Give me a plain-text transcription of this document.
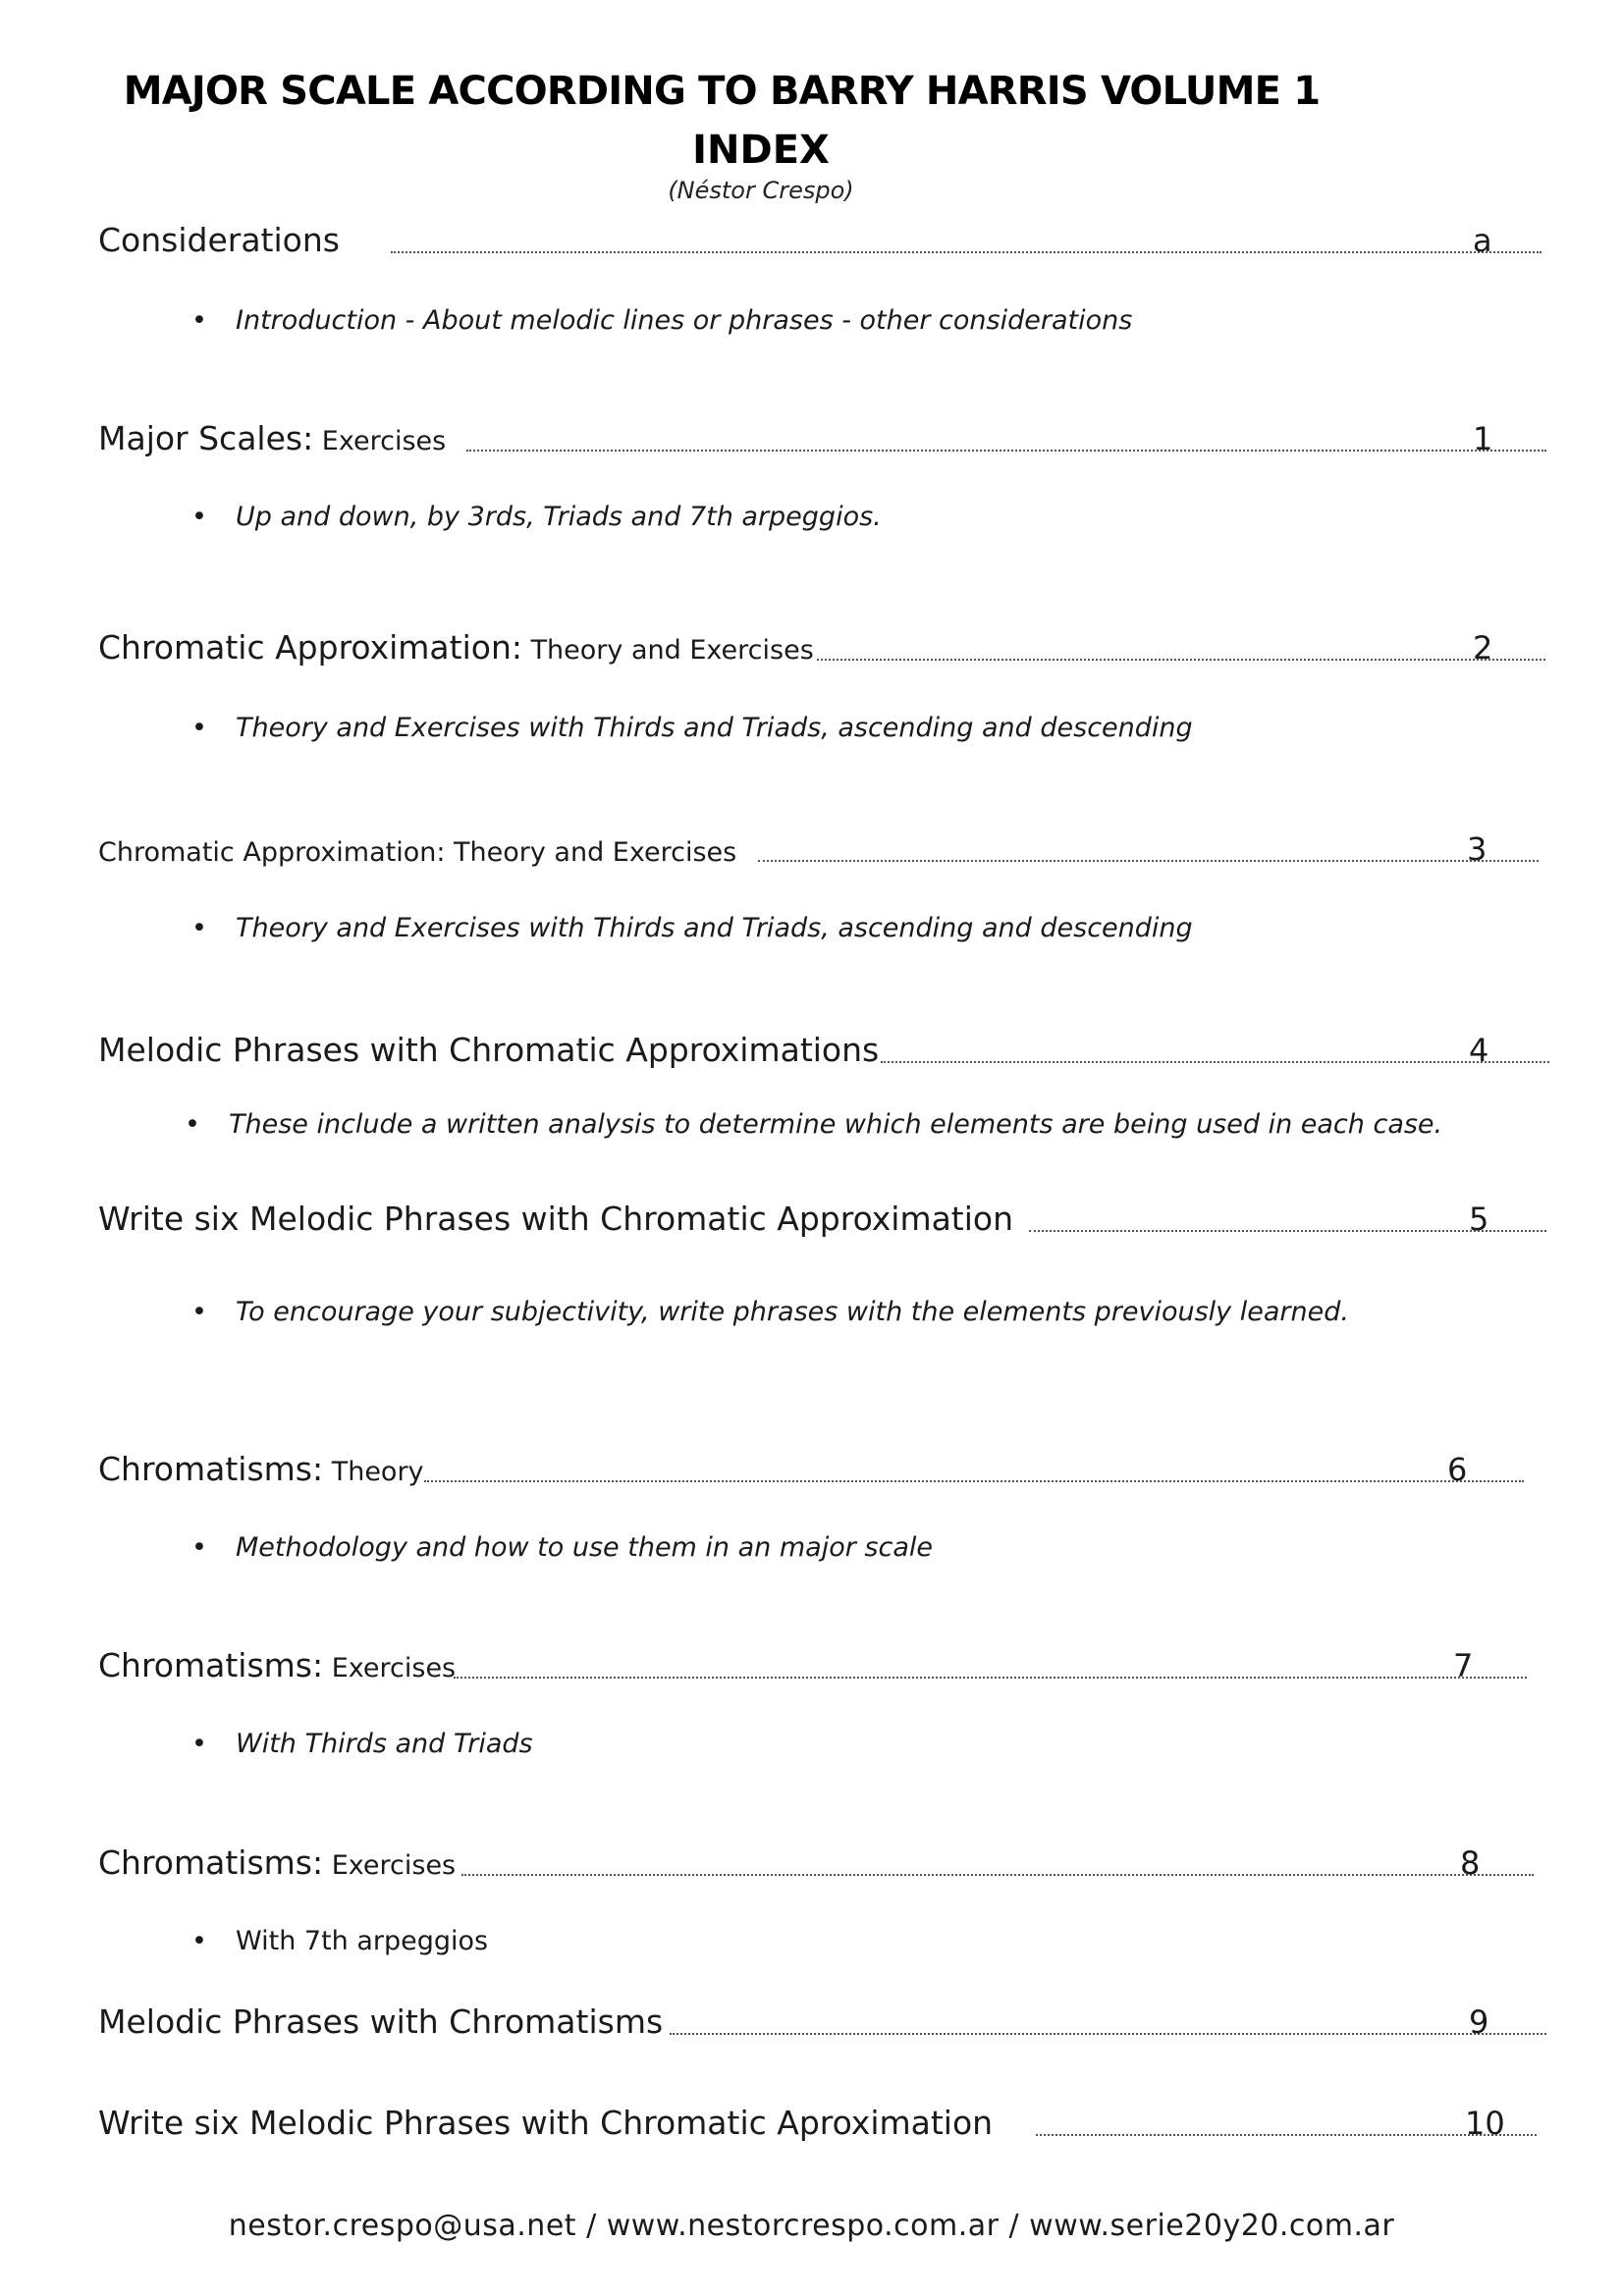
MAJOR SCALE ACCORDING TO BARRY HARRIS VOLUME 1
INDEX
(Néstor Crespo)
Considerations	a
• Introduction - About melodic lines or phrases - other considerations
Major Scales: Exercises	1
• Up and down, by 3rds, Triads and 7th arpeggios.
Chromatic Approximation: Theory and Exercises	2
• Theory and Exercises with Thirds and Triads, ascending and descending
Chromatic Approximation: Theory and Exercises	3
• Theory and Exercises with Thirds and Triads, ascending and descending
Melodic Phrases with Chromatic Approximations	4
• These include a written analysis to determine which elements are being used in each case.
Write six Melodic Phrases with Chromatic Approximation	5
• To encourage your subjectivity, write phrases with the elements previously learned.
Chromatisms: Theory	6
• Methodology and how to use them in an major scale
Chromatisms: Exercises	7
• With Thirds and Triads
Chromatisms: Exercises	8
• With 7th arpeggios
Melodic Phrases with Chromatisms	9
Write six Melodic Phrases with Chromatic Aproximation	10
nestor.crespo@usa.net / www.nestorcrespo.com.ar / www.serie20y20.com.ar
